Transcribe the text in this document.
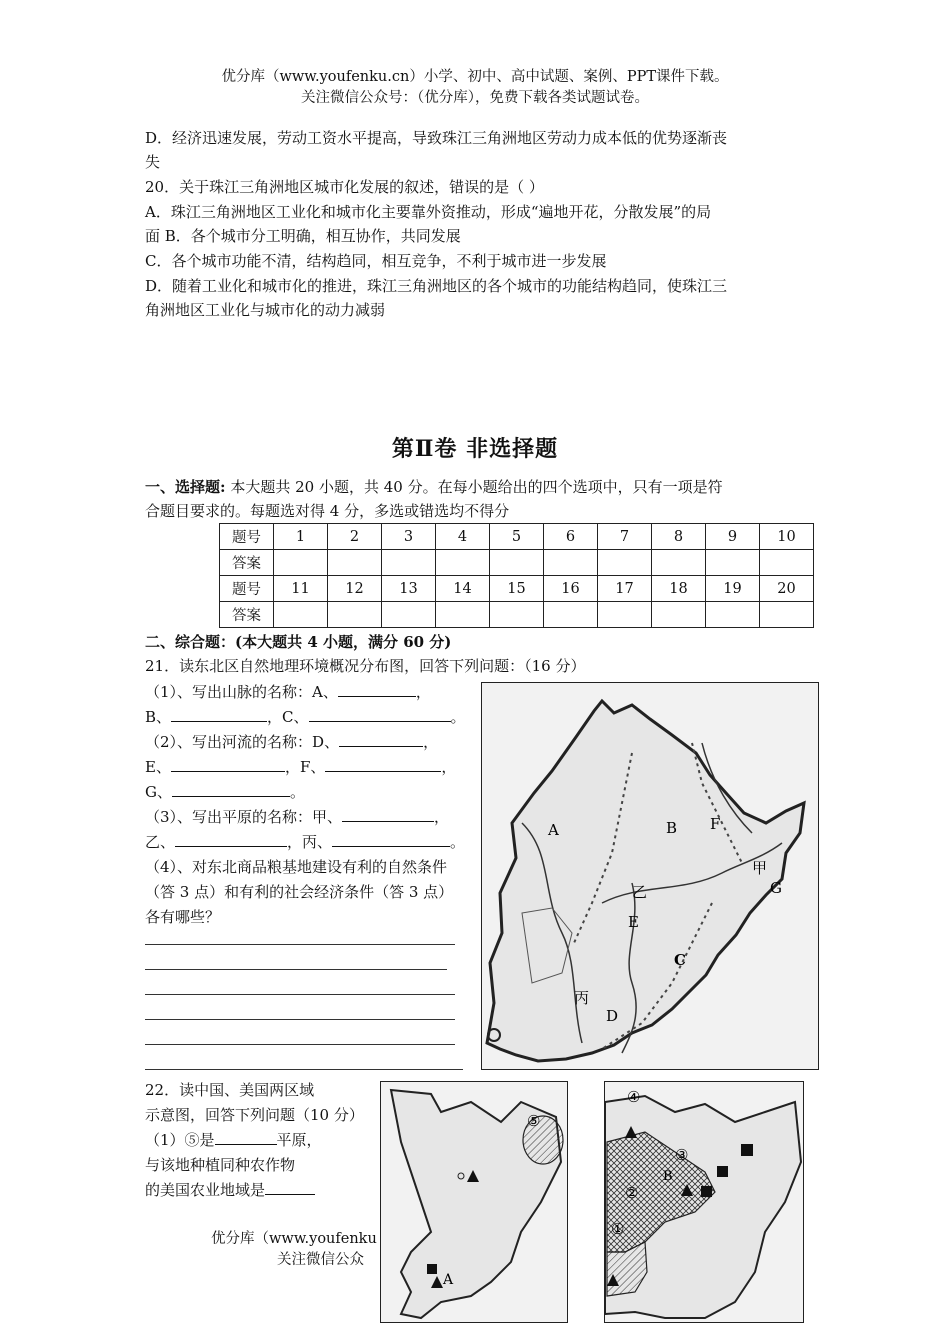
优分库（www.youfenku.cn）小学、初中、高中试题、案例、PPT课件下载。
关注微信公众号：（优分库），免费下载各类试题试卷。
D．经济迅速发展，劳动工资水平提高，导致珠江三角洲地区劳动力成本低的优势逐渐丧
失
20．关于珠江三角洲地区城市化发展的叙述，错误的是（ ）
A．珠江三角洲地区工业化和城市化主要靠外资推动，形成“遍地开花，分散发展”的局
面 B．各个城市分工明确，相互协作，共同发展
C．各个城市功能不清，结构趋同，相互竞争，不利于城市进一步发展
D．随着工业化和城市化的推进，珠江三角洲地区的各个城市的功能结构趋同，使珠江三
角洲地区工业化与城市化的动力减弱
第Ⅱ卷 非选择题
一、选择题: 本大题共 20 小题，共 40 分。在每小题给出的四个选项中，只有一项是符
合题目要求的。每题选对得 4 分，多选或错选均不得分
题号	1	2	3	4	5	6	7	8	9	10
答案										
题号	11	12	13	14	15	16	17	18	19	20
答案										
二、综合题：(本大题共 4 小题，满分 60 分)
21．读东北区自然地理环境概况分布图，回答下列问题：（16 分）
（1）、写出山脉的名称：A、	，
B、	，C、	。
（2）、写出河流的名称：D、	，
E、	，F、	，
G、	。
（3）、写出平原的名称：甲、	，
乙、	，丙、	。
（4）、对东北商品粮基地建设有利的自然条件
（答 3 点）和有利的社会经济条件（答 3 点）
各有哪些？
A	B F
甲
G
乙
E
C
丙
D
22．读中国、美国两区域
示意图，回答下列问题（10 分）
（1）⑤是	平原，
与该地种植同种农作物
的美国农业地域是
⑤
A
④
③
②
①
B
优分库（www.youfenku
关注微信公众
